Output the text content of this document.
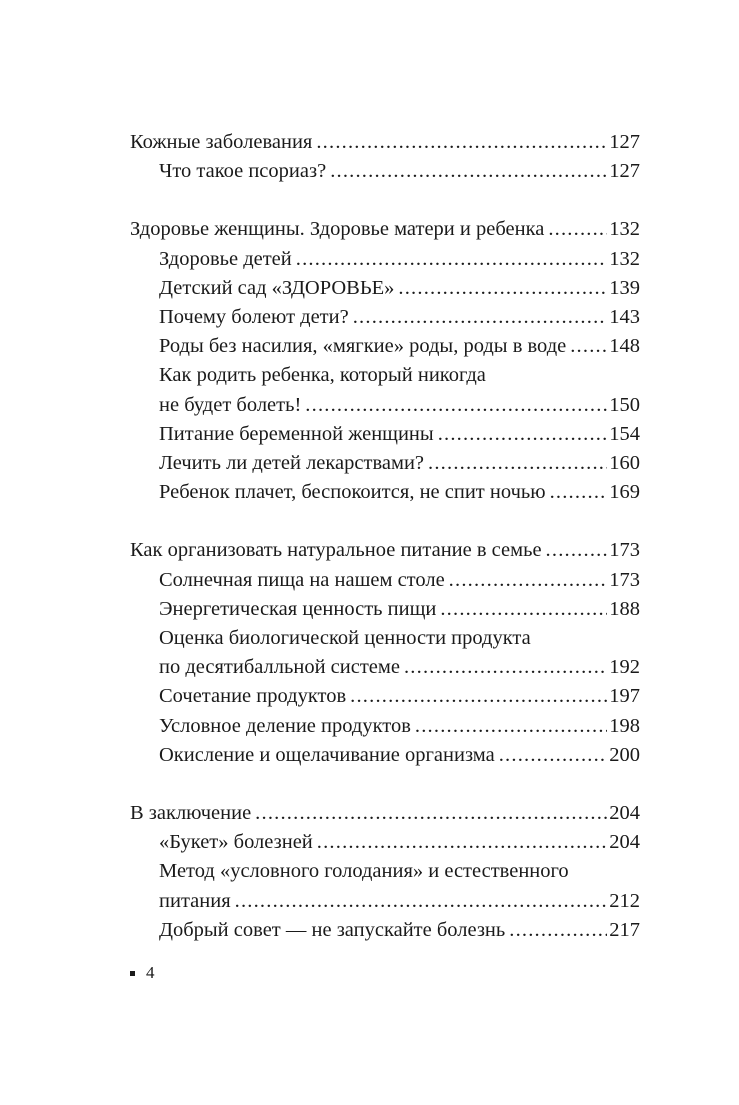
Кожные заболевания .....	127
Что такое псориаз? .....	127
Здоровье женщины. Здоровье матери и ребенка .....	132
Здоровье детей .....	132
Детский сад «ЗДОРОВЬЕ» .....	139
Почему болеют дети? .....	143
Роды без насилия, «мягкие» роды, роды в воде ..... 148
Как родить ребенка, который никогда
не будет болеть! .....	150
Питание беременной женщины .....	154
Лечить ли детей лекарствами? .....	160
Ребенок плачет, беспокоится, не спит ночью .....	169
Как организовать натуральное питание в семье .....	173
Солнечная пища на нашем столе .....	173
Энергетическая ценность пищи .....	188
Оценка биологической ценности продукта
по десятибалльной системе .....	192
Сочетание продуктов .....	197
Условное деление продуктов .....	198
Окисление и ощелачивание организма .....	200
В заключение .....	204
«Букет» болезней .....	204
Метод «условного голодания» и естественного
питания .....	212
Добрый совет — не запускайте болезнь .....	217
4
